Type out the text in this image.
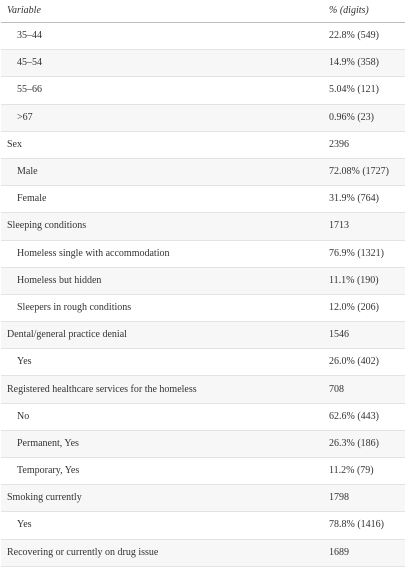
Variable	% (digits)
35–44	22.8% (549)
45–54	14.9% (358)
55–66	5.04% (121)
>67	0.96% (23)
Sex	2396
Male	72.08% (1727)
Female	31.9% (764)
Sleeping conditions	1713
Homeless single with accommodation	76.9% (1321)
Homeless but hidden	11.1% (190)
Sleepers in rough conditions	12.0% (206)
Dental/general practice denial	1546
Yes	26.0% (402)
Registered healthcare services for the homeless	708
No	62.6% (443)
Permanent, Yes	26.3% (186)
Temporary, Yes	11.2% (79)
Smoking currently	1798
Yes	78.8% (1416)
Recovering or currently on drug issue	1689
